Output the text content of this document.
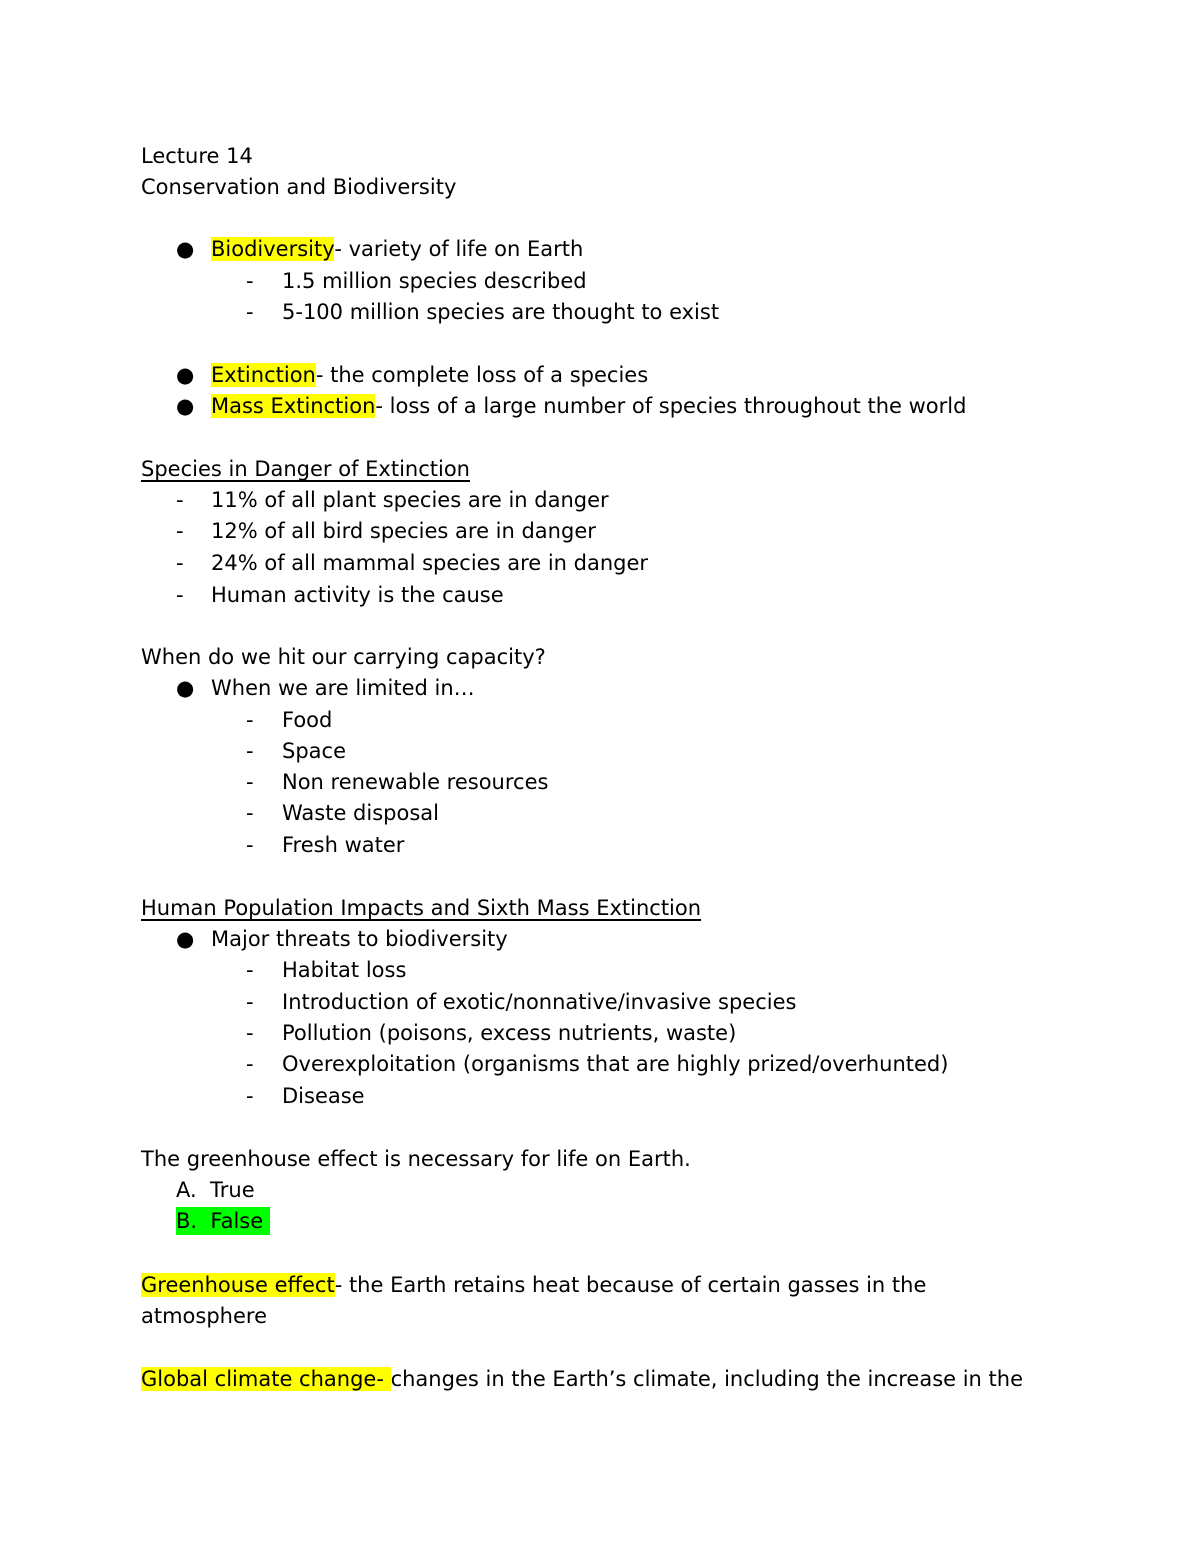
Lecture 14
Conservation and Biodiversity
● Biodiversity- variety of life on Earth
- 1.5 million species described
- 5-100 million species are thought to exist
● Extinction- the complete loss of a species
● Mass Extinction- loss of a large number of species throughout the world
Species in Danger of Extinction
- 11% of all plant species are in danger
- 12% of all bird species are in danger
- 24% of all mammal species are in danger
- Human activity is the cause
When do we hit our carrying capacity?
● When we are limited in…
- Food
- Space
- Non renewable resources
- Waste disposal
- Fresh water
Human Population Impacts and Sixth Mass Extinction
● Major threats to biodiversity
- Habitat loss
- Introduction of exotic/nonnative/invasive species
- Pollution (poisons, excess nutrients, waste)
- Overexploitation (organisms that are highly prized/overhunted)
- Disease
The greenhouse effect is necessary for life on Earth.
A.  True
B.  False
Greenhouse effect- the Earth retains heat because of certain gasses in the
atmosphere
Global climate change- changes in the Earth’s climate, including the increase in the
